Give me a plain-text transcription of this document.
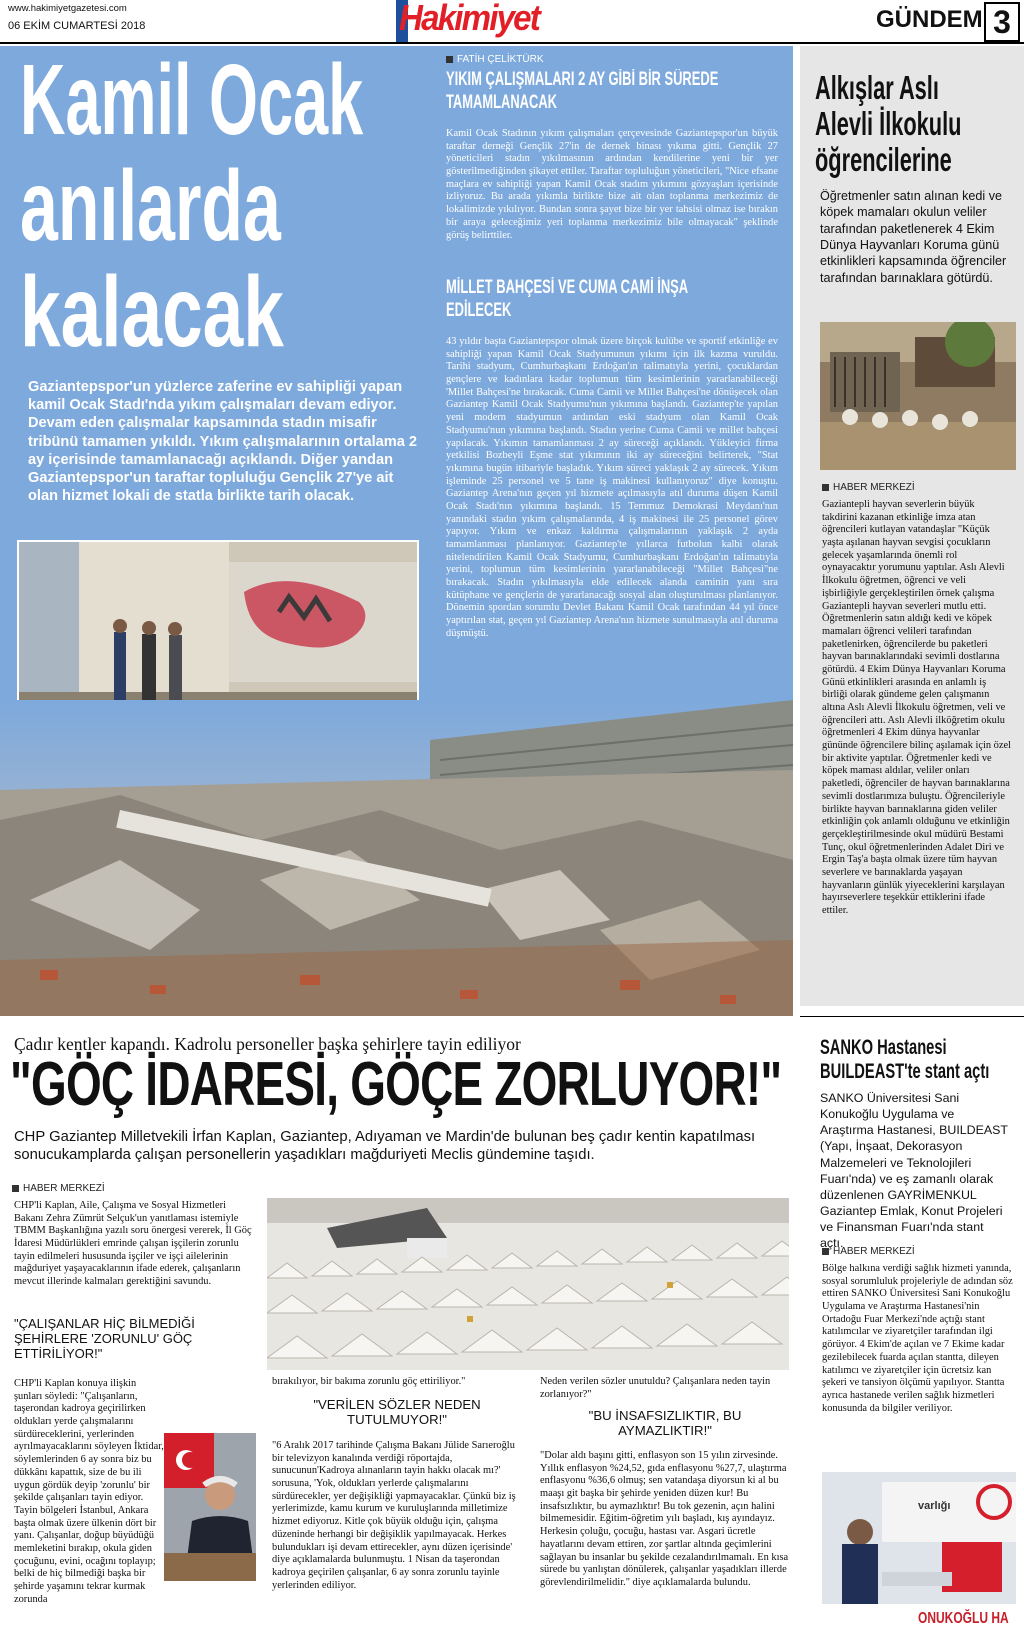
www.hakimiyetgazetesi.com
06 EKİM CUMARTESİ 2018	Hakimiyet	GÜNDEM 3
Kamil Ocak
anılarda
kalacak
Gaziantepspor'un yüzlerce zaferine ev sahipliği yapan kamil Ocak Stadı'nda yıkım çalışmaları devam ediyor. Devam eden çalışmalar kapsamında stadın misafir tribünü tamamen yıkıldı. Yıkım çalışmalarının ortalama 2 ay içerisinde tamamlanacağı açıklandı. Diğer yandan Gaziantepspor'un taraftar topluluğu Gençlik 27'ye ait olan hizmet lokali de statla birlikte tarih olacak.
FATİH ÇELİKTÜRK
YIKIM ÇALIŞMALARI 2 AY GİBİ BİR SÜREDE TAMAMLANACAK
Kamil Ocak Stadının yıkım çalışmaları çerçevesinde Gaziantepspor'un büyük taraftar derneği Gençlik 27'in de dernek binası yıkıma gitti. Gençlik 27 yöneticileri stadın yıkılmasının ardından kendilerine yeni bir yer gösterilmediğinden şikayet ettiler. Taraftar topluluğun yöneticileri, "Nice efsane maçlara ev sahipliği yapan Kamil Ocak stadım yıkımını gözyaşları içerisinde izliyoruz. Bu arada yıkımla birlikte bize ait olan toplanma merkezimiz de lokalimizde yıkılıyor. Bundan sonra şayet bize bir yer tahsisi olmaz ise bırakın bir araya geleceğimiz yeri toplanma merkezimiz bile olmayacak" şeklinde görüş belirttiler.
MİLLET BAHÇESİ VE CUMA CAMİ İNŞA EDİLECEK
43 yıldır başta Gaziantepspor olmak üzere birçok kulübe ve sportif etkinliğe ev sahipliği yapan Kamil Ocak Stadyumunun yıkımı için ilk kazma vuruldu. Tarihi stadyum, Cumhurbaşkanı Erdoğan'ın talimatıyla yerini, çocuklardan gençlere ve kadınlara kadar toplumun tüm kesimlerinin yararlanabileceği 'Millet Bahçesi'ne bırakacak. Cuma Camii ve Millet Bahçesi'ne dönüşecek olan Gaziantep Kamil Ocak Stadyumu'nun yıkımına başlandı. Gaziantep'te yapılan yeni modern stadyumun ardından eski stadyum olan Kamil Ocak Stadyumu'nun yıkımına başlandı. Stadın yerine Cuma Camii ve millet bahçesi yapılacak. Yıkımın tamamlanması 2 ay süreceği açıklandı. Yükleyici firma yetkilisi Bozbeyli Eşme stat yıkımının iki ay süreceğini belirterek, "Stat yıkımına bugün itibariyle başladık. Yıkım süreci yaklaşık 2 ay sürecek. Yıkım işleminde 25 personel ve 5 tane iş makinesi kullanıyoruz" diye konuştu. Gaziantep Arena'nın geçen yıl hizmete açılmasıyla atıl duruma düşen Kamil Ocak Stadı'nın yıkımına başlandı. 15 Temmuz Demokrasi Meydanı'nın yanındaki stadın yıkım çalışmalarında, 4 iş makinesi ile 25 personel görev yapıyor. Yıkım ve enkaz kaldırma çalışmalarının yaklaşık 2 ayda tamamlanması planlanıyor. Gaziantep'te yıllarca futbolun kalbi olarak nitelendirilen Kamil Ocak Stadyumu, Cumhurbaşkanı Erdoğan'ın talimatıyla yerini, toplumun tüm kesimlerinin yararlanabileceği "Millet Bahçesi"ne bırakacak. Stadın yıkılmasıyla elde edilecek alanda caminin yanı sıra kütüphane ve gençlerin de yararlanacağı sosyal alan oluşturulması planlanıyor. Dönemin spordan sorumlu Devlet Bakanı Kamil Ocak tarafından 44 yıl önce yaptırılan stat, geçen yıl Gaziantep Arena'nın hizmete sunulmasıyla atıl duruma düşmüştü.
Alkışlar Aslı
Alevli İlkokulu
öğrencilerine
Öğretmenler satın alınan kedi ve köpek mamaları okulun veliler tarafından paketlenerek 4 Ekim Dünya Hayvanları Koruma günü etkinlikleri kapsamında öğrenciler tarafından barınaklara götürdü.
HABER MERKEZİ
Gaziantepli hayvan severlerin büyük takdirini kazanan etkinliğe imza atan öğrencileri kutlayan vatandaşlar "Küçük yaşta aşılanan hayvan sevgisi çocukların gelecek yaşamlarında önemli rol oynayacaktır yorumunu yaptılar. Aslı Alevli İlkokulu öğretmen, öğrenci ve veli işbirliğiyle gerçekleştirilen örnek çalışma Gaziantepli hayvan severleri mutlu etti. Öğretmenlerin satın aldığı kedi ve köpek mamaları öğrenci velileri tarafından paketlenirken, öğrencilerde bu paketleri hayvan barınaklarındaki sevimli dostlarına götürdü. 4 Ekim Dünya Hayvanları Koruma Günü etkinlikleri arasında en anlamlı iş birliği olarak gündeme gelen çalışmanın altına Aslı Alevli İlkokulu öğretmen, veli ve öğrencileri attı. Aslı Alevli ilköğretim okulu öğretmenleri 4 Ekim dünya hayvanlar gününde öğrencilere bilinç aşılamak için özel bir aktivite yaptılar. Öğretmenler kedi ve köpek maması aldılar, veliler onları paketledi, öğrenciler de hayvan barınaklarına sevimli dostlarımıza buluştu. Öğrencileriyle birlikte hayvan barınaklarına giden veliler etkinliğin çok anlamlı olduğunu ve etkinliğin gerçekleştirilmesinde okul müdürü Bestami Tunç, okul öğretmenlerinden Adalet Diri ve Ergin Taş'a başta olmak üzere tüm hayvan severlere ve barınaklarda yaşayan hayvanların günlük yiyeceklerini karşılayan hayırseverlere teşekkür ettiklerini ifade ettiler.
SANKO Hastanesi
BUILDEAST'te stant açtı
SANKO Üniversitesi Sani Konukoğlu Uygulama ve Araştırma Hastanesi, BUILDEAST (Yapı, İnşaat, Dekorasyon Malzemeleri ve Teknolojileri Fuarı'nda) ve eş zamanlı olarak düzenlenen GAYRİMENKUL Gaziantep Emlak, Konut Projeleri ve Finansman Fuarı'nda stant açtı.
HABER MERKEZİ
Bölge halkına verdiği sağlık hizmeti yanında, sosyal sorumluluk projeleriyle de adından söz ettiren SANKO Üniversitesi Sani Konukoğlu Uygulama ve Araştırma Hastanesi'nin Ortadoğu Fuar Merkezi'nde açtığı stant katılımcılar ve ziyaretçiler tarafından ilgi görüyor. 4 Ekim'de açılan ve 7 Ekime kadar gezilebilecek fuarda açılan stantta, dileyen katılımcı ve ziyaretçiler için ücretsiz kan şekeri ve tansiyon ölçümü yapılıyor. Stantta ayrıca hastanede verilen sağlık hizmetleri konusunda da bilgiler veriliyor.
varlığı
ONUKOĞLU HA
Çadır kentler kapandı. Kadrolu personeller başka şehirlere tayin ediliyor
"GÖÇ İDARESİ, GÖÇE ZORLUYOR!"
CHP Gaziantep Milletvekili İrfan Kaplan, Gaziantep, Adıyaman ve Mardin'de bulunan beş çadır kentin kapatılması sonucukamplarda çalışan personellerin yaşadıkları mağduriyeti Meclis gündemine taşıdı.
HABER MERKEZİ
CHP'li Kaplan, Aile, Çalışma ve Sosyal Hizmetleri Bakanı Zehra Zümrüt Selçuk'un yanıtlaması istemiyle TBMM Başkanlığına yazılı soru önergesi vererek, İl Göç İdaresi Müdürlükleri emrinde çalışan işçilerin zorunlu tayin edilmeleri hususunda işçiler ve işçi ailelerinin mağduriyet yaşayacaklarının ifade ederek, çalışanların mevcut illerinde kalmaları gerektiğini savundu.
"ÇALIŞANLAR HİÇ BİLMEDİĞİ ŞEHİRLERE 'ZORUNLU' GÖÇ ETTİRİLİYOR!"
CHP'li Kaplan konuya ilişkin şunları söyledi: "Çalışanların, taşerondan kadroya geçirilirken oldukları yerde çalışmalarını sürdüreceklerini, yerlerinden ayrılmayacaklarını söyleyen İktidar, söylemlerinden 6 ay sonra biz bu dükkânı kapattık, size de bu ili uygun gördük deyip 'zorunlu' bir şekilde çalışanları tayin ediyor. Tayin bölgeleri İstanbul, Ankara başta olmak üzere ülkenin dört bir yanı. Çalışanlar, doğup büyüdüğü memleketini bırakıp, okula giden çocuğunu, evini, ocağını toplayıp; belki de hiç bilmediği başka bir şehirde yaşamını tekrar kurmak zorunda
bırakılıyor, bir bakıma zorunlu göç ettiriliyor."
"VERİLEN SÖZLER NEDEN TUTULMUYOR!"
"6 Aralık 2017 tarihinde Çalışma Bakanı Jülide Sarıeroğlu bir televizyon kanalında verdiği röportajda, sunucunun'Kadroya alınanların tayin hakkı olacak mı?' sorusuna, 'Yok, oldukları yerlerde çalışmalarını sürdürecekler, yer değişikliği yapmayacaklar. Çünkü biz iş yerlerimizde, kamu kurum ve kuruluşlarında milletimize hizmet ediyoruz. Kitle çok büyük olduğu için, çalışma düzeninde herhangi bir değişiklik yapılmayacak. Herkes bulundukları işi devam ettirecekler, aynı düzen içerisinde' diye açıklamalarda bulunmuştu. 1 Nisan da taşerondan kadroya geçirilen çalışanlar, 6 ay sonra zorunlu tayinle yerlerinden ediliyor.
Neden verilen sözler unutuldu? Çalışanlara neden tayin zorlanıyor?"
"BU İNSAFSIZLIKTIR, BU AYMAZLIKTIR!"
"Dolar aldı başını gitti, enflasyon son 15 yılın zirvesinde. Yıllık enflasyon %24,52, gıda enflasyonu %27,7, ulaştırma enflasyonu %36,6 olmuş; sen vatandaşa diyorsun ki al bu maaşı git başka bir şehirde yeniden düzen kur! Bu insafsızlıktır, bu aymazlıktır! Bu tok gezenin, açın halini bilmemesidir. Eğitim-öğretim yılı başladı, kış ayındayız. Herkesin çoluğu, çocuğu, hastası var. Asgari ücretle hayatlarını devam ettiren, zor şartlar altında geçimlerini sağlayan bu insanlar bu şekilde cezalandırılmamalı. En kısa sürede bu yanlıştan dönülerek, çalışanlar yaşadıkları illerde görevlendirilmelidir." diye açıklamalarda bulundu.
